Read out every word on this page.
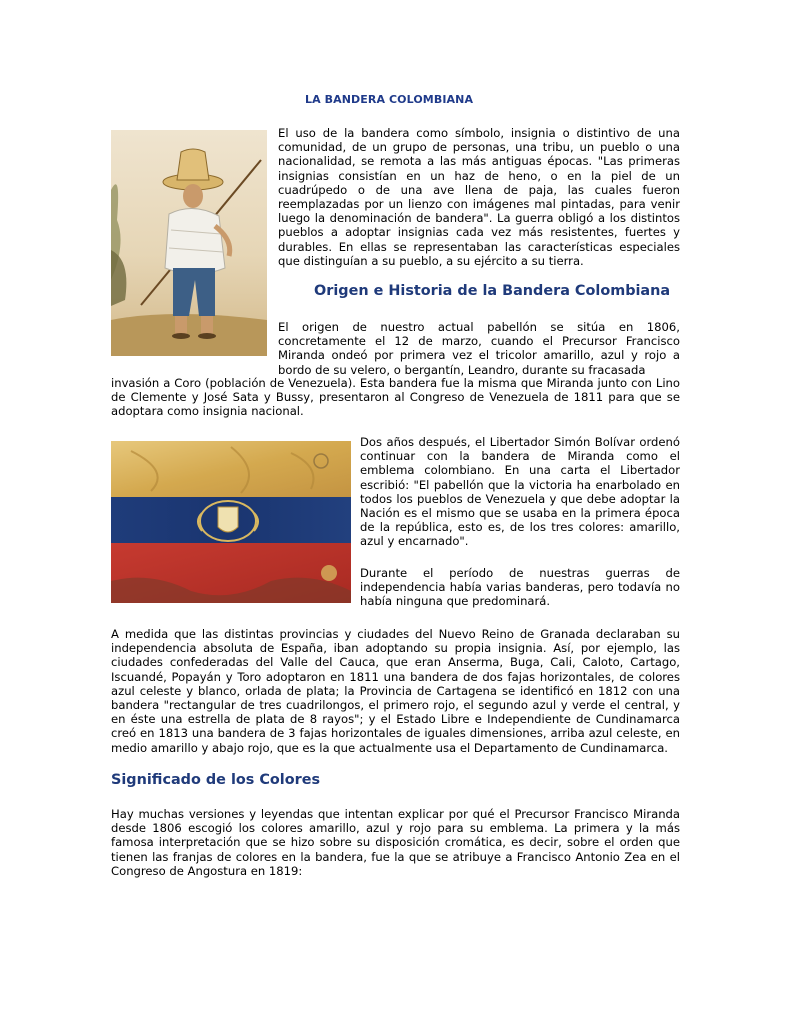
LA BANDERA COLOMBIANA
El uso de la bandera como símbolo, insignia o distintivo de una comunidad, de un grupo de personas, una tribu, un pueblo o una nacionalidad, se remota a las más antiguas épocas. "Las primeras insignias consistían en un haz de heno, o en la piel de un cuadrúpedo o de una ave llena de paja, las cuales fueron reemplazadas por un lienzo con imágenes mal pintadas, para venir luego la denominación de bandera". La guerra obligó a los distintos pueblos a adoptar insignias cada vez más resistentes, fuertes y durables. En ellas se representaban las características especiales que distinguían a su pueblo, a su ejército a su tierra.
Origen e Historia de la Bandera Colombiana
El origen de nuestro actual pabellón se sitúa en 1806, concretamente el 12 de marzo, cuando el Precursor Francisco Miranda ondeó por primera vez el tricolor amarillo, azul y rojo a bordo de su velero, o bergantín, Leandro, durante su fracasada
invasión a Coro (población de Venezuela). Esta bandera fue la misma que Miranda junto con Lino de Clemente y José Sata y Bussy, presentaron al Congreso de Venezuela de 1811 para que se adoptara como insignia nacional.
Dos años después, el Libertador Simón Bolívar ordenó continuar con la bandera de Miranda como el emblema colombiano. En una carta el Libertador escribió: "El pabellón que la victoria ha enarbolado en todos los pueblos de Venezuela y que debe adoptar la Nación es el mismo que se usaba en la primera época de la república, esto es, de los tres colores: amarillo, azul y encarnado".
Durante el período de nuestras guerras de independencia había varias banderas, pero todavía no había ninguna que predominará.
A medida que las distintas provincias y ciudades del Nuevo Reino de Granada declaraban su independencia absoluta de España, iban adoptando su propia insignia. Así, por ejemplo, las ciudades confederadas del Valle del Cauca, que eran Anserma, Buga, Cali, Caloto, Cartago, Iscuandé, Popayán y Toro adoptaron en 1811 una bandera de dos fajas horizontales, de colores azul celeste y blanco, orlada de plata; la Provincia de Cartagena se identificó en 1812 con una bandera "rectangular de tres cuadrilongos, el primero rojo, el segundo azul y verde el central, y en éste una estrella de plata de 8 rayos"; y el Estado Libre e Independiente de Cundinamarca creó en 1813 una bandera de 3 fajas horizontales de iguales dimensiones, arriba azul celeste, en medio amarillo y abajo rojo, que es la que actualmente usa el Departamento de Cundinamarca.
Significado de los Colores
Hay muchas versiones y leyendas que intentan explicar por qué el Precursor Francisco Miranda desde 1806 escogió los colores amarillo, azul y rojo para su emblema. La primera y la más famosa interpretación que se hizo sobre su disposición cromática, es decir, sobre el orden que tienen las franjas de colores en la bandera, fue la que se atribuye a Francisco Antonio Zea en el Congreso de Angostura en 1819:
